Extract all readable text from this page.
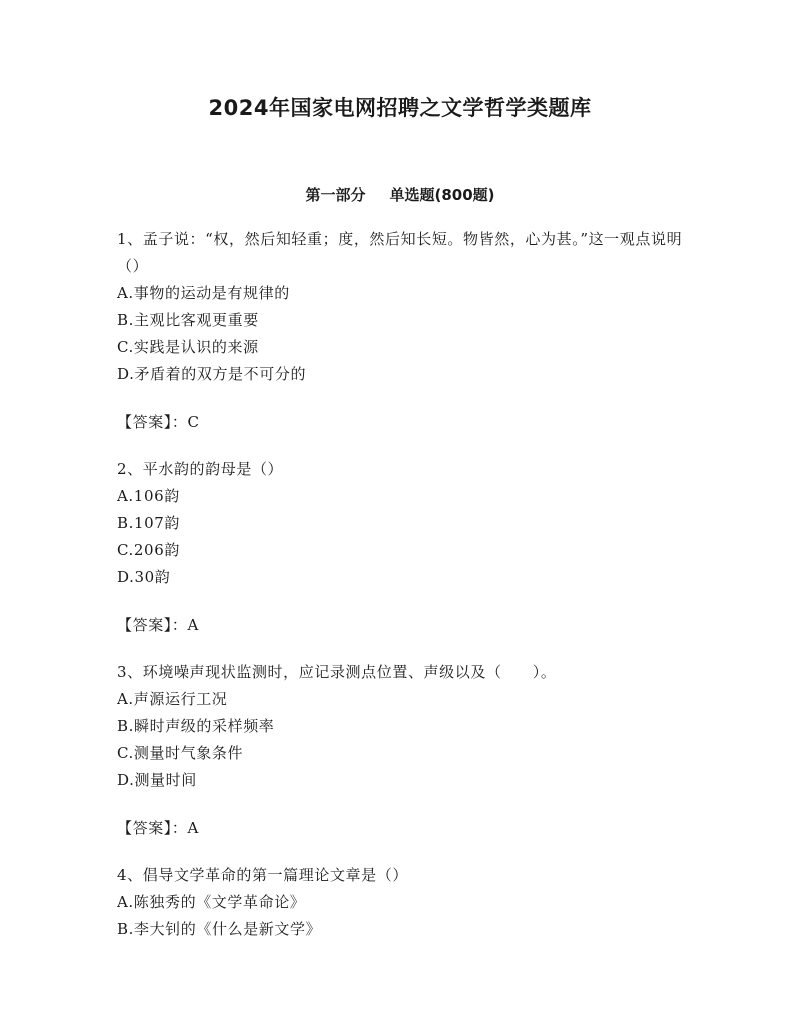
2024年国家电网招聘之文学哲学类题库
第一部分 单选题(800题)

1、孟子说：“权，然后知轻重；度，然后知长短。物皆然，心为甚。”这一观点说明（）

A.事物的运动是有规律的
B.主观比客观更重要
C.实践是认识的来源
D.矛盾着的双方是不可分的

【答案】：C

2、平水韵的韵母是（）

A.106韵
B.107韵
C.206韵
D.30韵

【答案】：A

3、环境噪声现状监测时，应记录测点位置、声级以及（　　）。

A.声源运行工况
B.瞬时声级的采样频率
C.测量时气象条件
D.测量时间

【答案】：A

4、倡导文学革命的第一篇理论文章是（）

A.陈独秀的《文学革命论》
B.李大钊的《什么是新文学》
